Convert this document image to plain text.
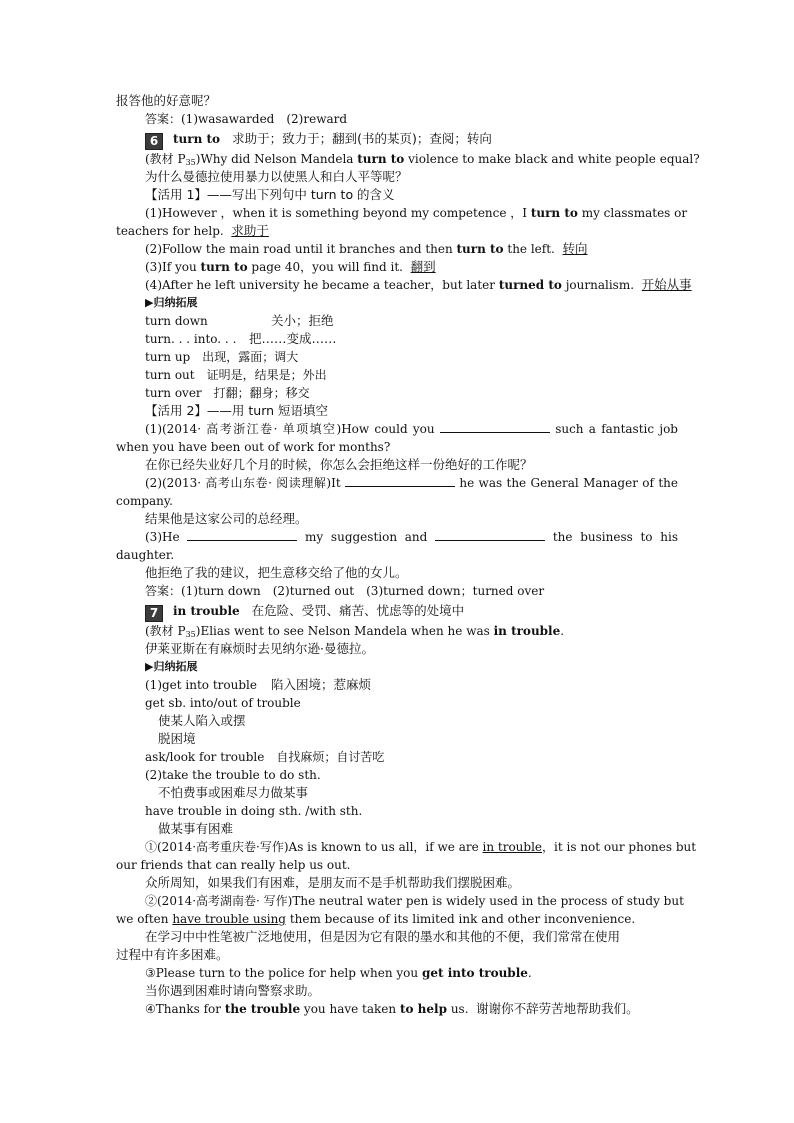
报答他的好意呢？
答案：(1)wasawarded　(2)reward
6 turn to　 求助于；致力于；翻到(书的某页)；查阅；转向
(教材 $P_{35})Why$ did Nelson Mandela turn to violence to make black and white people equal?
为什么曼德拉使用暴力以使黑人和白人平等呢？
【活用 1】——写出下列句中 turn to 的含义
(1)However ，when it is something beyond my competence ，I turn to my classmates or
teachers for help. 求助于
(2)Follow the main road until it branches and then turn to the left. 转向
(3)If you turn to page 40，you will find it. 翻到
(4)After he left university he became a teacher，but later turned to journalism. 开始从事
▶归纳拓展
turn down	关小；拒绝
turn. . . into. . . 把……变成……
turn up　出现，露面；调大
turn out　证明是，结果是；外出
turn over　打翻；翻身；移交
【活用 2】——用 turn 短语填空
(1)(2014· 高考浙江卷· 单项填空)How could you	such a fantastic job
when you have been out of work for months?
在你已经失业好几个月的时候，你怎么会拒绝这样一份绝好的工作呢？
(2)(2013· 高考山东卷· 阅读理解)It	he was the General Manager of the
company.
结果他是这家公司的总经理。
(3)He	my suggestion and	the business to his
daughter.
他拒绝了我的建议，把生意移交给了他的女儿。
答案：(1)turn down　(2)turned out　(3)turned down；turned over
7 in trouble　 在危险、受罚、痛苦、忧虑等的处境中
(教材 $P_{35})Elias$ went to see Nelson Mandela when he was in trouble.
伊莱亚斯在有麻烦时去见纳尔逊·曼德拉。
▶归纳拓展
(1)get into trouble 陷入困境；惹麻烦
get sb. into/out of trouble
使某人陷入或摆
脱困境
ask/look for trouble　自找麻烦；自讨苦吃
(2)take the trouble to do sth.
不怕费事或困难尽力做某事
have trouble in doing sth. /with sth.
做某事有困难
①(2014·高考重庆卷·写作)As is known to us all，if we are in trouble，it is not our phones but
our friends that can really help us out.
众所周知，如果我们有困难，是朋友而不是手机帮助我们摆脱困难。
②(2014·高考湖南卷· 写作)The neutral water pen is widely used in the process of study but
we often have trouble using them because of its limited ink and other inconvenience.
在学习中中性笔被广泛地使用，但是因为它有限的墨水和其他的不便，我们常常在使用
过程中有许多困难。
③Please turn to the police for help when you get into trouble.
当你遇到困难时请向警察求助。
④Thanks for the trouble you have taken to help us. 谢谢你不辞劳苦地帮助我们。
